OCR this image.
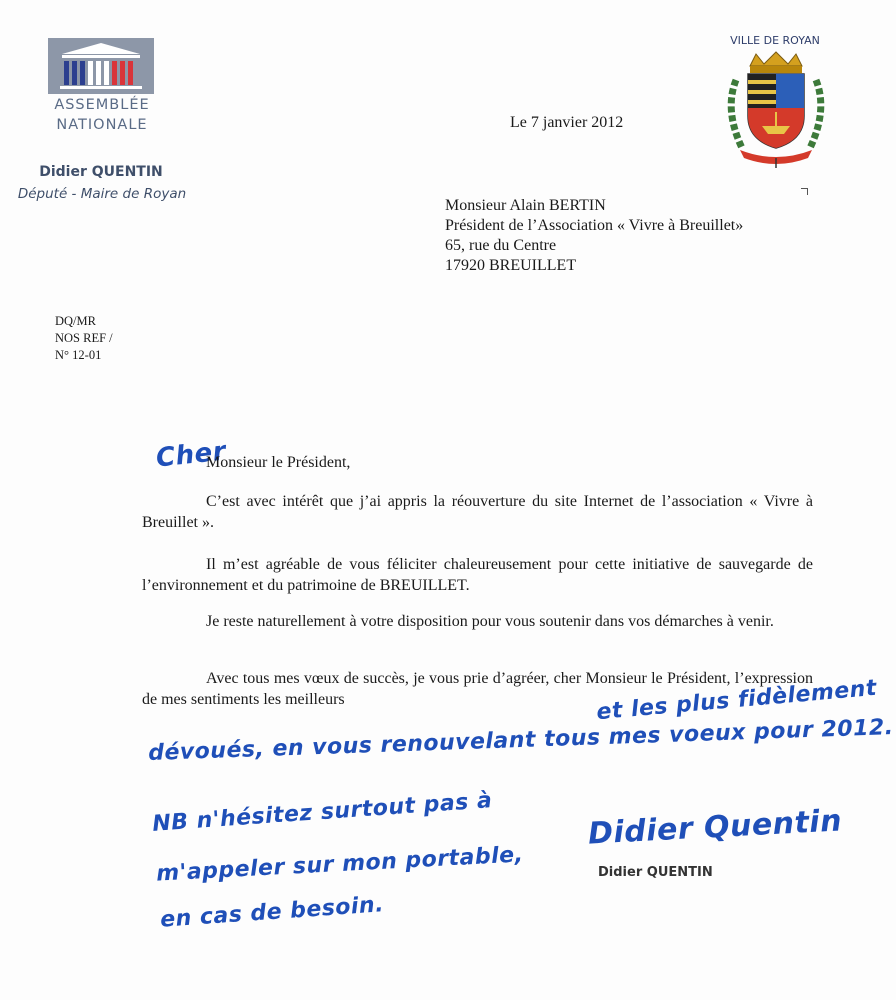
ASSEMBLÉE
NATIONALE
Didier QUENTIN
Député - Maire de Royan
VILLE DE ROYAN
Le 7 janvier 2012
Monsieur Alain BERTIN
Président de l’Association « Vivre à Breuillet»
65, rue du Centre
17920 BREUILLET
DQ/MR
NOS REF /
N° 12-01
Cher
Monsieur le Président,
C’est avec intérêt que j’ai appris la réouverture du site Internet de l’association « Vivre à Breuillet ».
Il m’est agréable de vous féliciter chaleureusement pour cette initiative de sauvegarde de l’environnement et du patrimoine de BREUILLET.
Je reste naturellement à votre disposition pour vous soutenir dans vos démarches à venir.
Avec tous mes vœux de succès, je vous prie d’agréer, cher Monsieur le Président, l’expression de mes sentiments les meilleurs	et les plus fidèlement
dévoués, en vous renouvelant tous mes voeux pour 2012.
NB n'hésitez surtout pas à
m'appeler sur mon portable,
en cas de besoin.
Didier Quentin
Didier QUENTIN
